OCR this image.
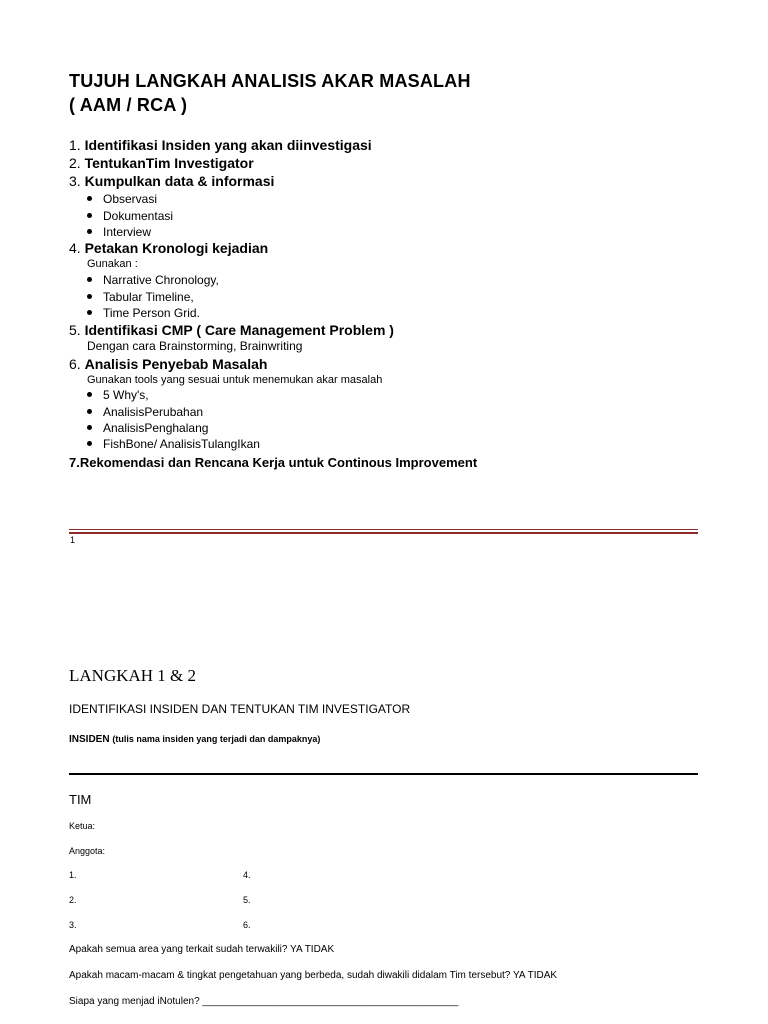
TUJUH LANGKAH ANALISIS AKAR MASALAH
( AAM / RCA )
1. Identifikasi Insiden yang akan diinvestigasi
2. TentukanTim Investigator
3. Kumpulkan data & informasi
Observasi
Dokumentasi
Interview
4. Petakan Kronologi kejadian
Gunakan :
Narrative Chronology,
Tabular Timeline,
Time Person Grid.
5. Identifikasi CMP ( Care Management Problem )
Dengan cara Brainstorming, Brainwriting
6. Analisis Penyebab Masalah
Gunakan tools yang sesuai untuk menemukan akar masalah
5 Why's,
AnalisisPerubahan
AnalisisPenghalang
FishBone/ AnalisisTulangIkan
7.Rekomendasi dan Rencana Kerja untuk Continous Improvement
1
LANGKAH 1 & 2
IDENTIFIKASI INSIDEN DAN TENTUKAN TIM INVESTIGATOR
INSIDEN (tulis nama insiden yang terjadi dan dampaknya)
TIM
Ketua:
Anggota:
1.
2.
3.
4.
5.
6.
Apakah semua area yang terkait sudah terwakili? YA TIDAK
Apakah macam-macam & tingkat pengetahuan yang berbeda, sudah diwakili didalam Tim tersebut? YA TIDAK
Siapa yang menjad iNotulen? ______________________________________________
